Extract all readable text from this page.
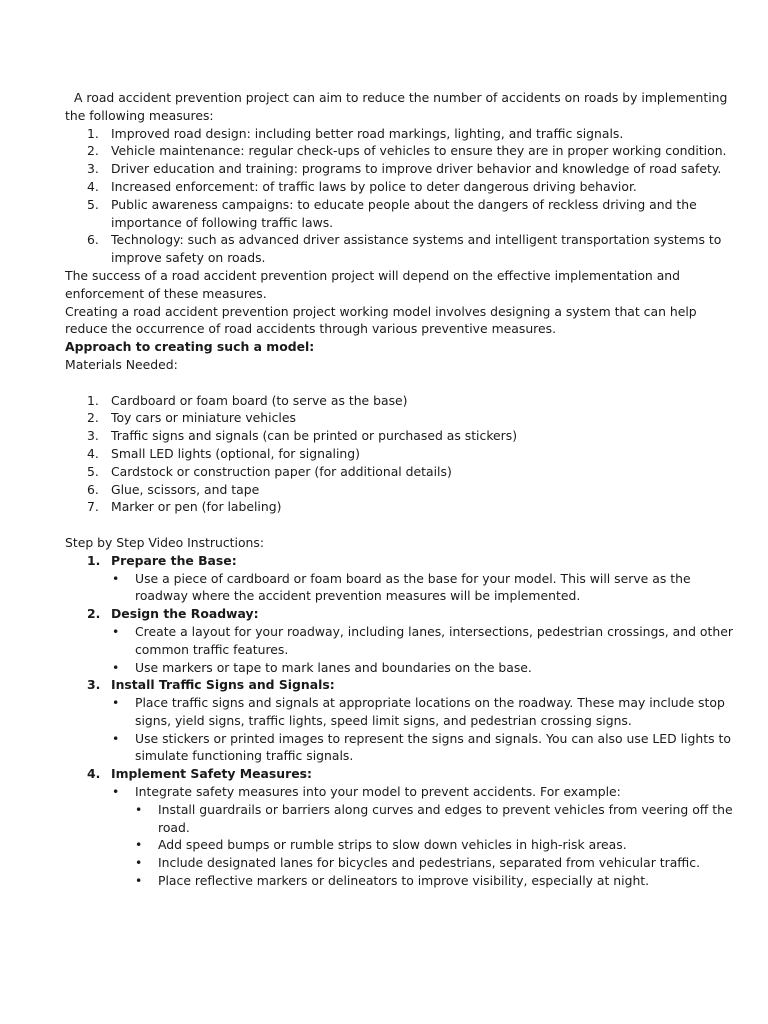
A road accident prevention project can aim to reduce the number of accidents on roads by implementing the following measures:

1. Improved road design: including better road markings, lighting, and traffic signals.
2. Vehicle maintenance: regular check-ups of vehicles to ensure they are in proper working condition.
3. Driver education and training: programs to improve driver behavior and knowledge of road safety.
4. Increased enforcement: of traffic laws by police to deter dangerous driving behavior.
5. Public awareness campaigns: to educate people about the dangers of reckless driving and the importance of following traffic laws.
6. Technology: such as advanced driver assistance systems and intelligent transportation systems to improve safety on roads.

The success of a road accident prevention project will depend on the effective implementation and enforcement of these measures.

Creating a road accident prevention project working model involves designing a system that can help reduce the occurrence of road accidents through various preventive measures.

Approach to creating such a model:

Materials Needed:

1. Cardboard or foam board (to serve as the base)
2. Toy cars or miniature vehicles
3. Traffic signs and signals (can be printed or purchased as stickers)
4. Small LED lights (optional, for signaling)
5. Cardstock or construction paper (for additional details)
6. Glue, scissors, and tape
7. Marker or pen (for labeling)

Step by Step Video Instructions:

1. Prepare the Base:
• Use a piece of cardboard or foam board as the base for your model. This will serve as the roadway where the accident prevention measures will be implemented.
2. Design the Roadway:
• Create a layout for your roadway, including lanes, intersections, pedestrian crossings, and other common traffic features.
• Use markers or tape to mark lanes and boundaries on the base.
3. Install Traffic Signs and Signals:
• Place traffic signs and signals at appropriate locations on the roadway. These may include stop signs, yield signs, traffic lights, speed limit signs, and pedestrian crossing signs.
• Use stickers or printed images to represent the signs and signals. You can also use LED lights to simulate functioning traffic signals.
4. Implement Safety Measures:
• Integrate safety measures into your model to prevent accidents. For example:
• Install guardrails or barriers along curves and edges to prevent vehicles from veering off the road.
• Add speed bumps or rumble strips to slow down vehicles in high-risk areas.
• Include designated lanes for bicycles and pedestrians, separated from vehicular traffic.
• Place reflective markers or delineators to improve visibility, especially at night.
